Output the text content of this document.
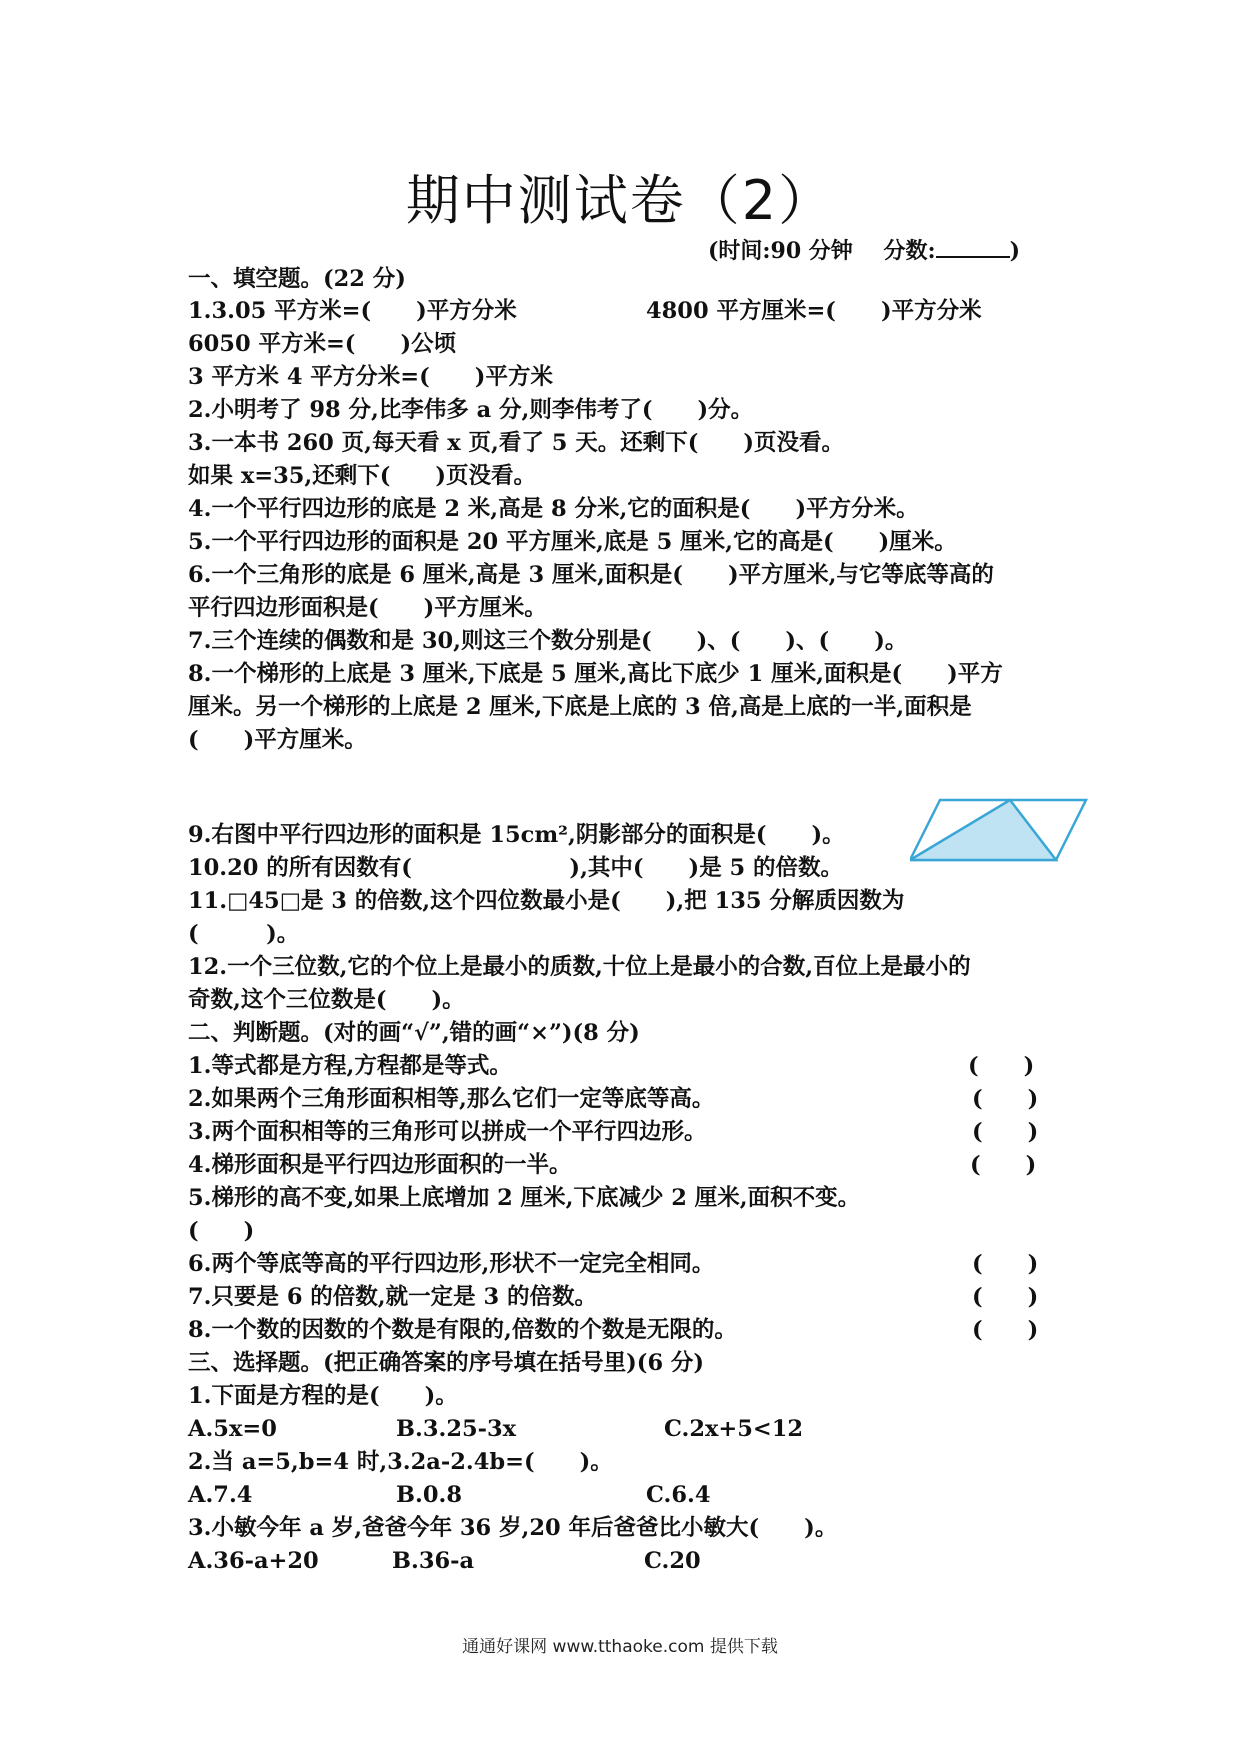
期中测试卷（2）
(时间:90 分钟 分数:	)
一、填空题。(22 分)
1.3.05 平方米=(　　)平方分米	4800 平方厘米=(　　)平方分米
6050 平方米=(　　)公顷
3 平方米 4 平方分米=(　　)平方米
2.小明考了 98 分,比李伟多 a 分,则李伟考了(　　)分。
3.一本书 260 页,每天看 x 页,看了 5 天。还剩下(　　)页没看。
如果 x=35,还剩下(　　)页没看。
4.一个平行四边形的底是 2 米,高是 8 分米,它的面积是(　　)平方分米。
5.一个平行四边形的面积是 20 平方厘米,底是 5 厘米,它的高是(　　)厘米。
6.一个三角形的底是 6 厘米,高是 3 厘米,面积是(　　)平方厘米,与它等底等高的
平行四边形面积是(　　)平方厘米。
7.三个连续的偶数和是 30,则这三个数分别是(　　)、(　　)、(　　)。
8.一个梯形的上底是 3 厘米,下底是 5 厘米,高比下底少 1 厘米,面积是(　　)平方
厘米。另一个梯形的上底是 2 厘米,下底是上底的 3 倍,高是上底的一半,面积是
(　　)平方厘米。
9.右图中平行四边形的面积是 15cm²,阴影部分的面积是(　　)。
10.20 的所有因数有(　　　　　　　),其中(　　)是 5 的倍数。
11.□45□是 3 的倍数,这个四位数最小是(　　),把 135 分解质因数为
(　　　)。
12.一个三位数,它的个位上是最小的质数,十位上是最小的合数,百位上是最小的
奇数,这个三位数是(　　)。
二、判断题。(对的画“√”,错的画“×”)(8 分)
1.等式都是方程,方程都是等式。	(　　)
2.如果两个三角形面积相等,那么它们一定等底等高。	(　　)
3.两个面积相等的三角形可以拼成一个平行四边形。	(　　)
4.梯形面积是平行四边形面积的一半。	(　　)
5.梯形的高不变,如果上底增加 2 厘米,下底减少 2 厘米,面积不变。
(　　)
6.两个等底等高的平行四边形,形状不一定完全相同。	(　　)
7.只要是 6 的倍数,就一定是 3 的倍数。	(　　)
8.一个数的因数的个数是有限的,倍数的个数是无限的。	(　　)
三、选择题。(把正确答案的序号填在括号里)(6 分)
1.下面是方程的是(　　)。
A.5x=0	B.3.25-3x	C.2x+5<12
2.当 a=5,b=4 时,3.2a-2.4b=(　　)。
A.7.4	B.0.8	C.6.4
3.小敏今年 a 岁,爸爸今年 36 岁,20 年后爸爸比小敏大(　　)。
A.36-a+20	B.36-a	C.20
通通好课网 www.tthaoke.com 提供下载
